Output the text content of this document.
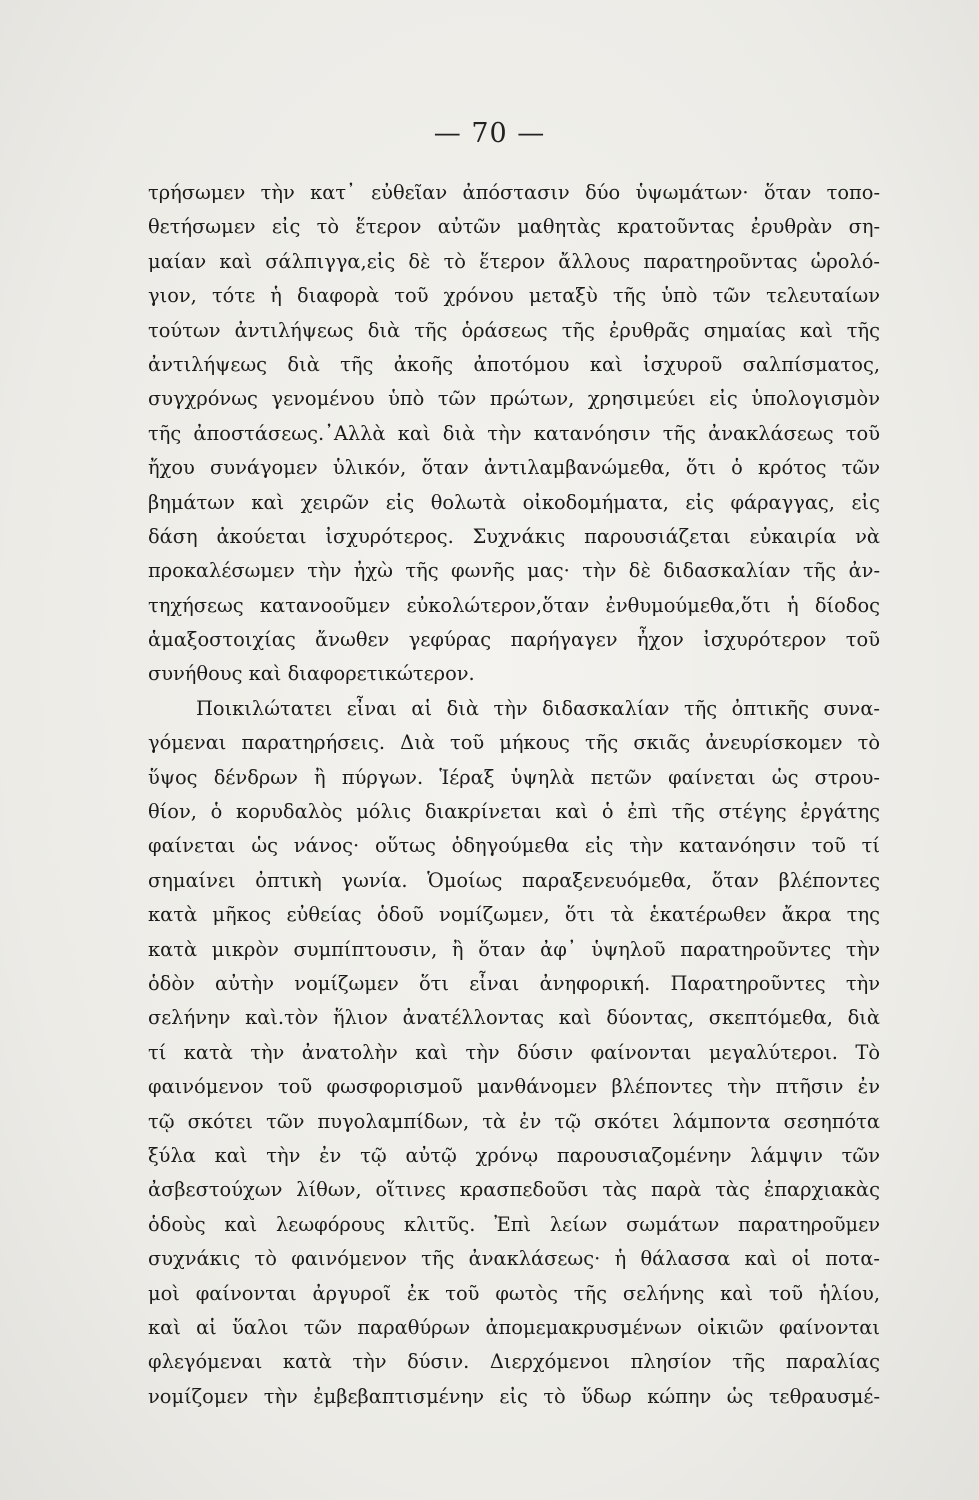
— 70 —
τρήσωμεν τὴν κατ᾽ εὐθεῖαν ἀπόστασιν δύο ὑψωμάτων· ὅταν τοπο-
θετήσωμεν εἰς τὸ ἕτερον αὐτῶν μαθητὰς κρατοῦντας ἐρυθρὰν ση-
μαίαν καὶ σάλπιγγα,εἰς δὲ τὸ ἕτερον ἄλλους παρατηροῦντας ὡρολό-
γιον, τότε ἡ διαφορὰ τοῦ χρόνου μεταξὺ τῆς ὑπὸ τῶν τελευταίων
τούτων ἀντιλήψεως διὰ τῆς ὁράσεως τῆς ἐρυθρᾶς σημαίας καὶ τῆς
ἀντιλήψεως διὰ τῆς ἀκοῆς ἀποτόμου καὶ ἰσχυροῦ σαλπίσματος,
συγχρόνως γενομένου ὑπὸ τῶν πρώτων, χρησιμεύει εἰς ὑπολογισμὸν
τῆς ἀποστάσεως.᾽Αλλὰ καὶ διὰ τὴν κατανόησιν τῆς ἀνακλάσεως τοῦ
ἤχου συνάγομεν ὑλικόν, ὅταν ἀντιλαμβανώμεθα, ὅτι ὁ κρότος τῶν
βημάτων καὶ χειρῶν εἰς θολωτὰ οἰκοδομήματα, εἰς φάραγγας, εἰς
δάση ἀκούεται ἰσχυρότερος. Συχνάκις παρουσιάζεται εὐκαιρία νὰ
προκαλέσωμεν τὴν ἠχὼ τῆς φωνῆς μας· τὴν δὲ διδασκαλίαν τῆς ἀν-
τηχήσεως κατανοοῦμεν εὐκολώτερον,ὅταν ἐνθυμούμεθα,ὅτι ἡ δίοδος
ἁμαξοστοιχίας ἄνωθεν γεφύρας παρήγαγεν ἦχον ἰσχυρότερον τοῦ
συνήθους καὶ διαφορετικώτερον.
Ποικιλώτατει εἶναι αἱ διὰ τὴν διδασκαλίαν τῆς ὀπτικῆς συνα-
γόμεναι παρατηρήσεις. Διὰ τοῦ μήκους τῆς σκιᾶς ἀνευρίσκομεν τὸ
ὕψος δένδρων ἢ πύργων. Ἱέραξ ὑψηλὰ πετῶν φαίνεται ὡς στρου-
θίον, ὁ κορυδαλὸς μόλις διακρίνεται καὶ ὁ ἐπὶ τῆς στέγης ἐργάτης
φαίνεται ὡς νάνος· οὕτως ὁδηγούμεθα εἰς τὴν κατανόησιν τοῦ τί
σημαίνει ὀπτικὴ γωνία. Ὁμοίως παραξενευόμεθα, ὅταν βλέποντες
κατὰ μῆκος εὐθείας ὁδοῦ νομίζωμεν, ὅτι τὰ ἑκατέρωθεν ἄκρα της
κατὰ μικρὸν συμπίπτουσιν, ἢ ὅταν ἀφ᾽ ὑψηλοῦ παρατηροῦντες τὴν
ὁδὸν αὐτὴν νομίζωμεν ὅτι εἶναι ἀνηφορική. Παρατηροῦντες τὴν
σελήνην καὶ.τὸν ἥλιον ἀνατέλλοντας καὶ δύοντας, σκεπτόμεθα, διὰ
τί κατὰ τὴν ἀνατολὴν καὶ τὴν δύσιν φαίνονται μεγαλύτεροι. Τὸ
φαινόμενον τοῦ φωσφορισμοῦ μανθάνομεν βλέποντες τὴν πτῆσιν ἐν
τῷ σκότει τῶν πυγολαμπίδων, τὰ ἐν τῷ σκότει λάμποντα σεσηπότα
ξύλα καὶ τὴν ἐν τῷ αὐτῷ χρόνῳ παρουσιαζομένην λάμψιν τῶν
ἀσβεστούχων λίθων, οἵτινες κρασπεδοῦσι τὰς παρὰ τὰς ἐπαρχιακὰς
ὁδοὺς καὶ λεωφόρους κλιτῦς. Ἐπὶ λείων σωμάτων παρατηροῦμεν
συχνάκις τὸ φαινόμενον τῆς ἀνακλάσεως· ἡ θάλασσα καὶ οἱ ποτα-
μοὶ φαίνονται ἀργυροῖ ἐκ τοῦ φωτὸς τῆς σελήνης καὶ τοῦ ἡλίου,
καὶ αἱ ὕαλοι τῶν παραθύρων ἀπομεμακρυσμένων οἰκιῶν φαίνονται
φλεγόμεναι κατὰ τὴν δύσιν. Διερχόμενοι πλησίον τῆς παραλίας
νομίζομεν τὴν ἐμβεβαπτισμένην εἰς τὸ ὕδωρ κώπην ὡς τεθραυσμέ-
